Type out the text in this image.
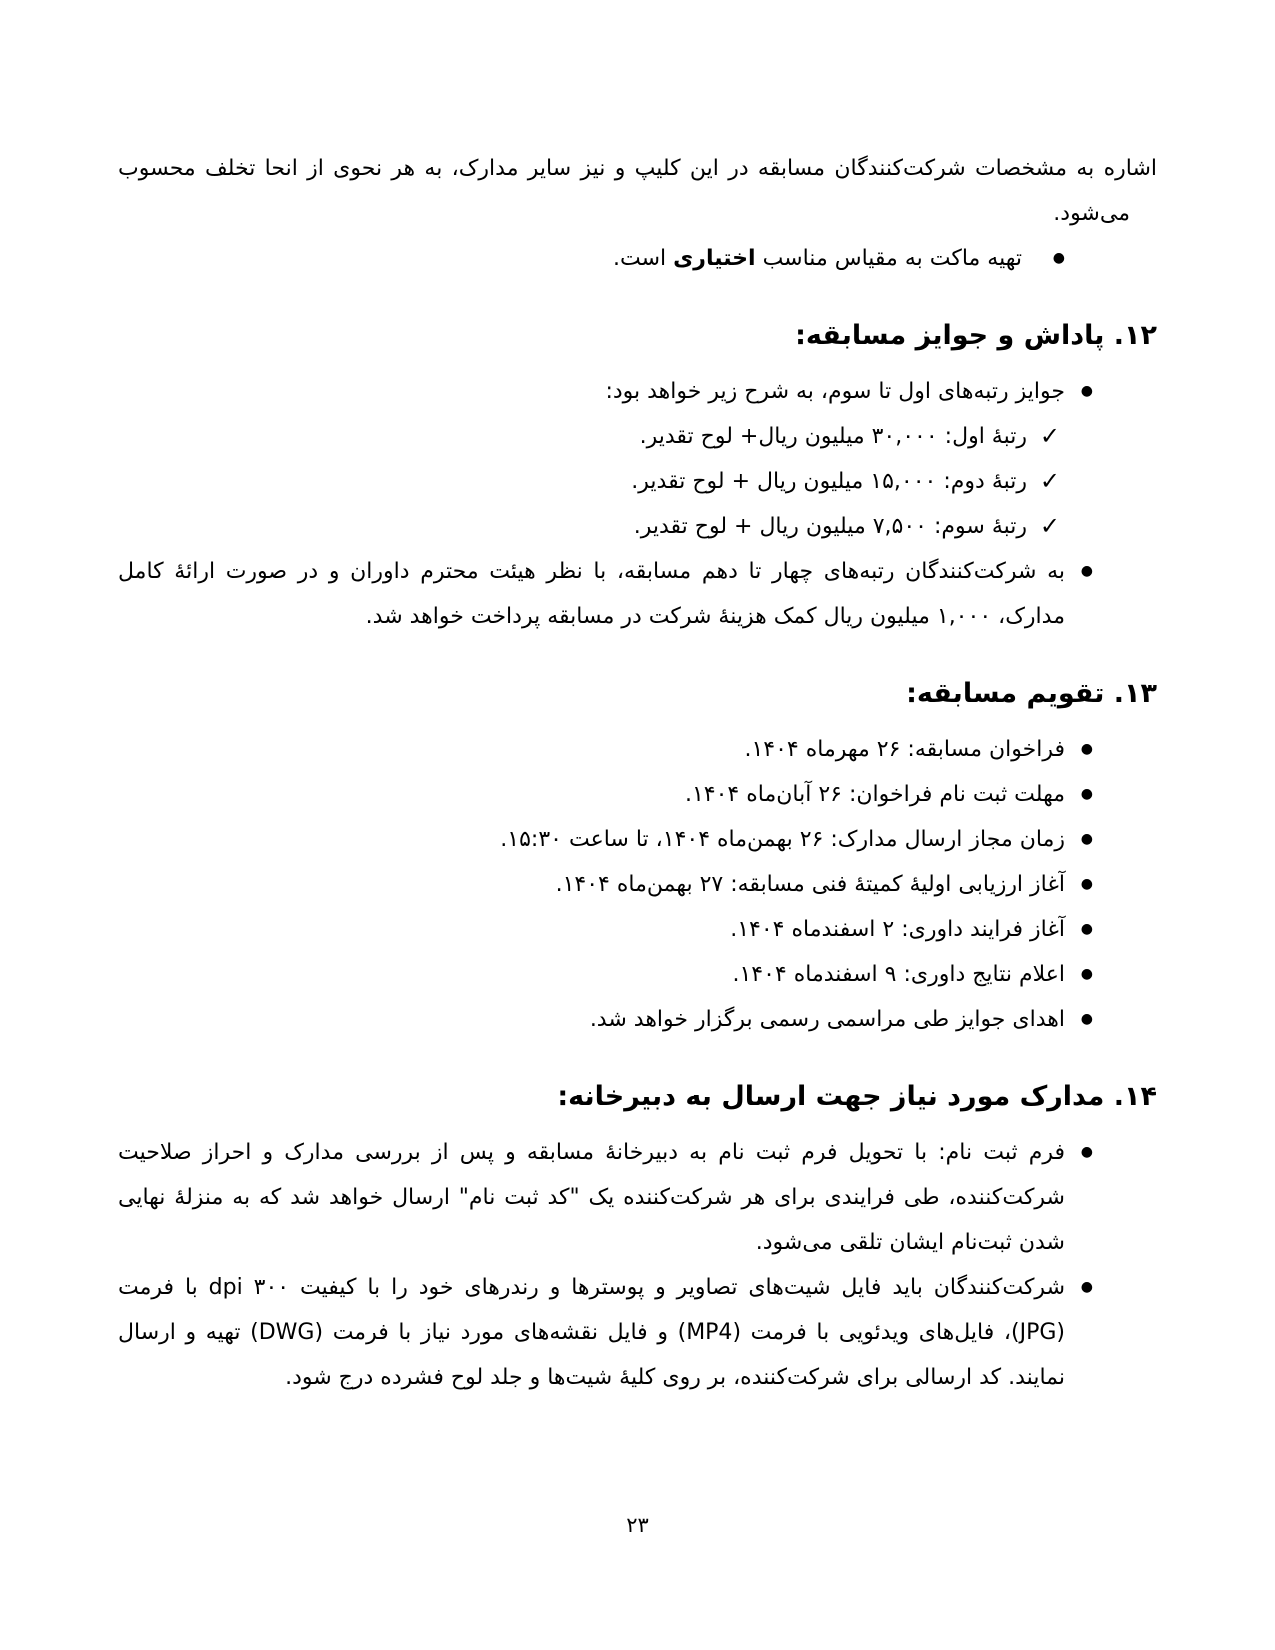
اشاره به مشخصات شرکت‌کنندگان مسابقه در این کلیپ و نیز سایر مدارک، به هر نحوی از انحا تخلف محسوب می‌شود.

●
تهیه ماکت به مقیاس مناسب اختیاری است.
۱۲. پاداش و جوایز مسابقه:
●
جوایز رتبه‌های اول تا سوم، به شرح زیر خواهد بود:
✓
رتبۀ اول: ۳۰,۰۰۰ میلیون ریال+ لوح تقدیر.
✓
رتبۀ دوم: ۱۵,۰۰۰ میلیون ریال + لوح تقدیر.
✓
رتبۀ سوم: ۷,۵۰۰ میلیون ریال + لوح تقدیر.
●
به شرکت‌کنندگان رتبه‌های چهار تا دهم مسابقه، با نظر هیئت محترم داوران و در صورت ارائۀ کامل مدارک، ۱,۰۰۰ میلیون ریال کمک هزینۀ شرکت در مسابقه پرداخت خواهد شد.
۱۳. تقویم مسابقه:
●
فراخوان مسابقه: ۲۶ مهرماه ۱۴۰۴.
●
مهلت ثبت نام فراخوان: ۲۶ آبان‌ماه ۱۴۰۴.
●
زمان مجاز ارسال مدارک: ۲۶ بهمن‌ماه ۱۴۰۴، تا ساعت ۱۵:۳۰.
●
آغاز ارزیابی اولیۀ کمیتۀ فنی مسابقه: ۲۷ بهمن‌ماه ۱۴۰۴.
●
آغاز فرایند داوری: ۲ اسفندماه ۱۴۰۴.
●
اعلام نتایج داوری: ۹ اسفندماه ۱۴۰۴.
●
اهدای جوایز طی مراسمی رسمی برگزار خواهد شد.
۱۴. مدارک مورد نیاز جهت ارسال به دبیرخانه:
●
فرم ثبت نام: با تحویل فرم ثبت نام به دبیرخانۀ مسابقه و پس از بررسی مدارک و احراز صلاحیت شرکت‌کننده، طی فرایندی برای هر شرکت‌کننده یک "کد ثبت نام" ارسال خواهد شد که به منزلۀ نهایی شدن ثبت‌نام ایشان تلقی می‌شود.
●
شرکت‌کنندگان باید فایل شیت‌های تصاویر و پوسترها و رندرهای خود را با کیفیت ۳۰۰ dpi با فرمت (JPG)، فایل‌های ویدئویی با فرمت (MP4) و فایل نقشه‌های مورد نیاز با فرمت (DWG) تهیه و ارسال نمایند. کد ارسالی برای شرکت‌کننده، بر روی کلیۀ شیت‌ها و جلد لوح فشرده درج شود.
۲۳
